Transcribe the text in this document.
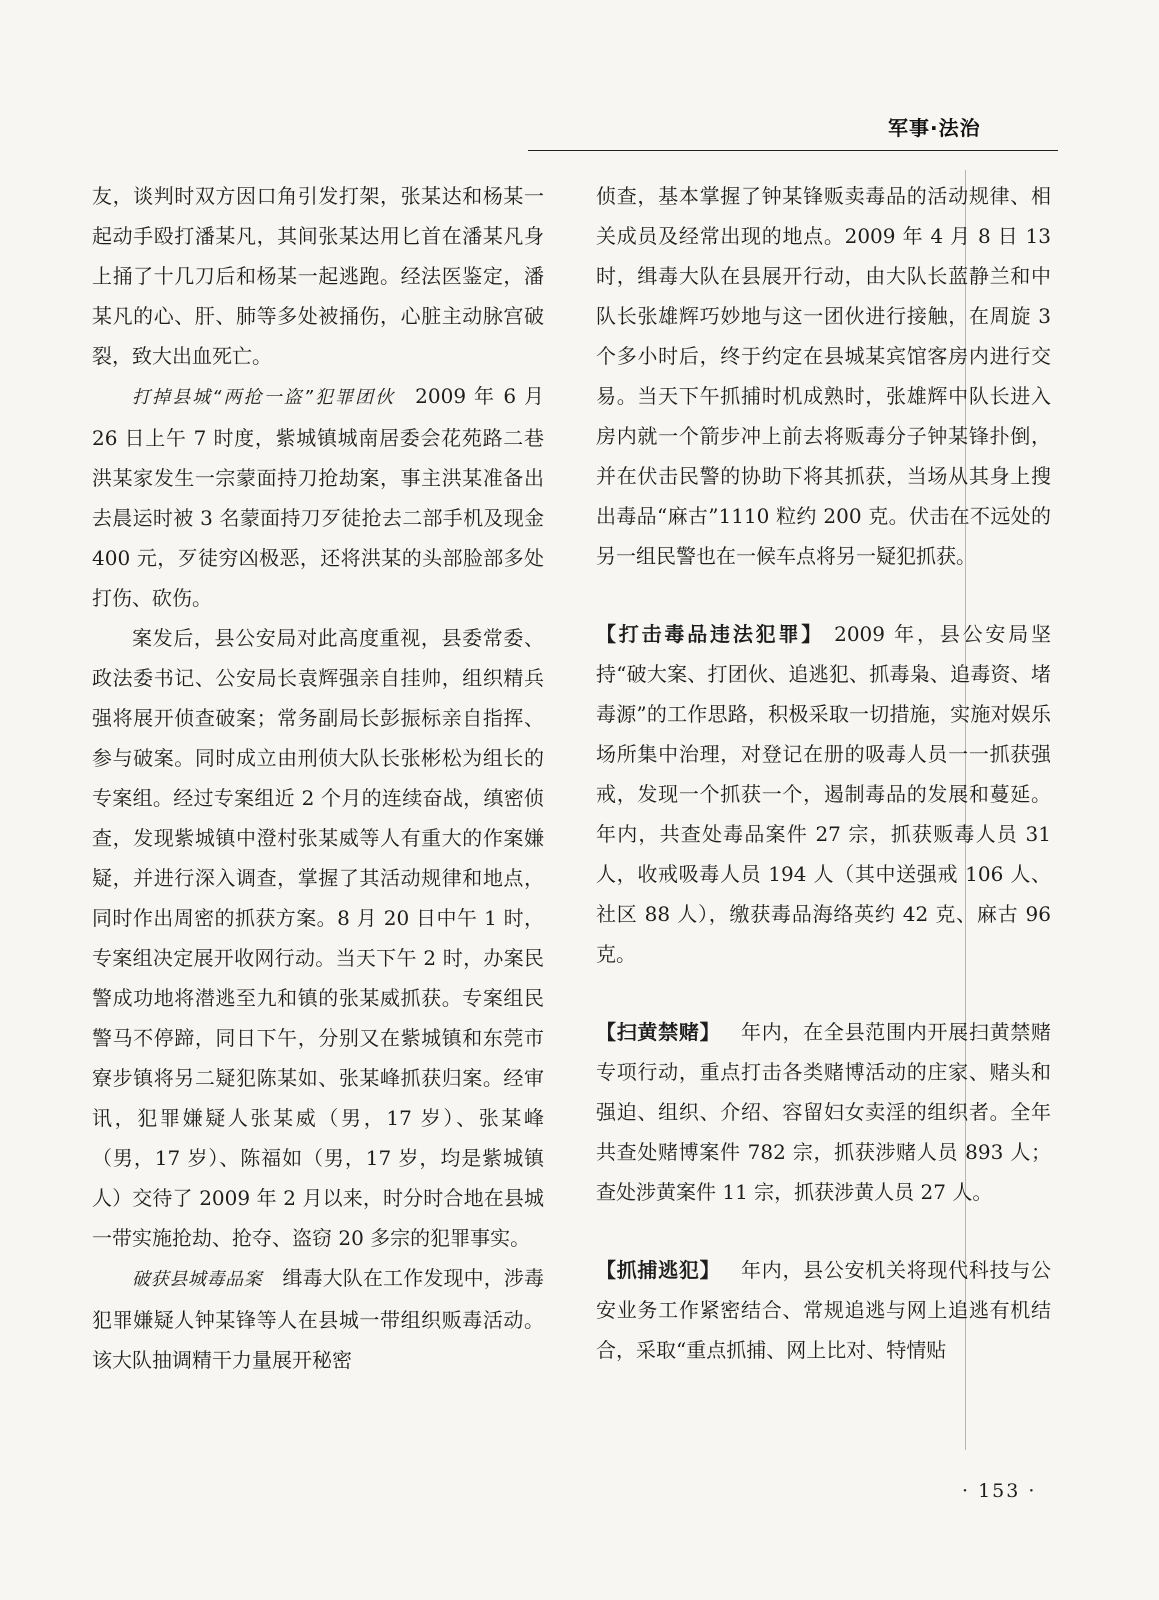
军事·法治

友，谈判时双方因口角引发打架，张某达和杨某一起动手殴打潘某凡，其间张某达用匕首在潘某凡身上捅了十几刀后和杨某一起逃跑。经法医鉴定，潘某凡的心、肝、肺等多处被捅伤，心脏主动脉宫破裂，致大出血死亡。

打掉县城“两抢一盗”犯罪团伙  2009 年 6 月 26 日上午 7 时度，紫城镇城南居委会花苑路二巷洪某家发生一宗蒙面持刀抢劫案，事主洪某准备出去晨运时被 3 名蒙面持刀歹徒抢去二部手机及现金 400 元，歹徒穷凶极恶，还将洪某的头部脸部多处打伤、砍伤。

案发后，县公安局对此高度重视，县委常委、政法委书记、公安局长袁辉强亲自挂帅，组织精兵强将展开侦查破案；常务副局长彭振标亲自指挥、参与破案。同时成立由刑侦大队长张彬松为组长的专案组。经过专案组近 2 个月的连续奋战，缜密侦查，发现紫城镇中澄村张某威等人有重大的作案嫌疑，并进行深入调查，掌握了其活动规律和地点，同时作出周密的抓获方案。8 月 20 日中午 1 时，专案组决定展开收网行动。当天下午 2 时，办案民警成功地将潜逃至九和镇的张某威抓获。专案组民警马不停蹄，同日下午，分别又在紫城镇和东莞市寮步镇将另二疑犯陈某如、张某峰抓获归案。经审讯，犯罪嫌疑人张某威（男，17 岁）、张某峰（男，17 岁）、陈福如（男，17 岁，均是紫城镇人）交待了 2009 年 2 月以来，时分时合地在县城一带实施抢劫、抢夺、盗窃 20 多宗的犯罪事实。

破获县城毒品案  缉毒大队在工作发现中，涉毒犯罪嫌疑人钟某锋等人在县城一带组织贩毒活动。该大队抽调精干力量展开秘密

侦查，基本掌握了钟某锋贩卖毒品的活动规律、相关成员及经常出现的地点。2009 年 4 月 8 日 13 时，缉毒大队在县展开行动，由大队长蓝静兰和中队长张雄辉巧妙地与这一团伙进行接触，在周旋 3 个多小时后，终于约定在县城某宾馆客房内进行交易。当天下午抓捕时机成熟时，张雄辉中队长进入房内就一个箭步冲上前去将贩毒分子钟某锋扑倒，并在伏击民警的协助下将其抓获，当场从其身上搜出毒品“麻古”1110 粒约 200 克。伏击在不远处的另一组民警也在一候车点将另一疑犯抓获。

【打击毒品违法犯罪】  2009 年，县公安局坚持“破大案、打团伙、追逃犯、抓毒枭、追毒资、堵毒源”的工作思路，积极采取一切措施，实施对娱乐场所集中治理，对登记在册的吸毒人员一一抓获强戒，发现一个抓获一个，遏制毒品的发展和蔓延。年内，共查处毒品案件 27 宗，抓获贩毒人员 31 人，收戒吸毒人员 194 人（其中送强戒 106 人、社区 88 人），缴获毒品海络英约 42 克、麻古 96 克。

【扫黄禁赌】  年内，在全县范围内开展扫黄禁赌专项行动，重点打击各类赌博活动的庄家、赌头和强迫、组织、介绍、容留妇女卖淫的组织者。全年共查处赌博案件 782 宗，抓获涉赌人员 893 人；查处涉黄案件 11 宗，抓获涉黄人员 27 人。

【抓捕逃犯】  年内，县公安机关将现代科技与公安业务工作紧密结合、常规追逃与网上追逃有机结合，采取“重点抓捕、网上比对、特情贴

· 153 ·
